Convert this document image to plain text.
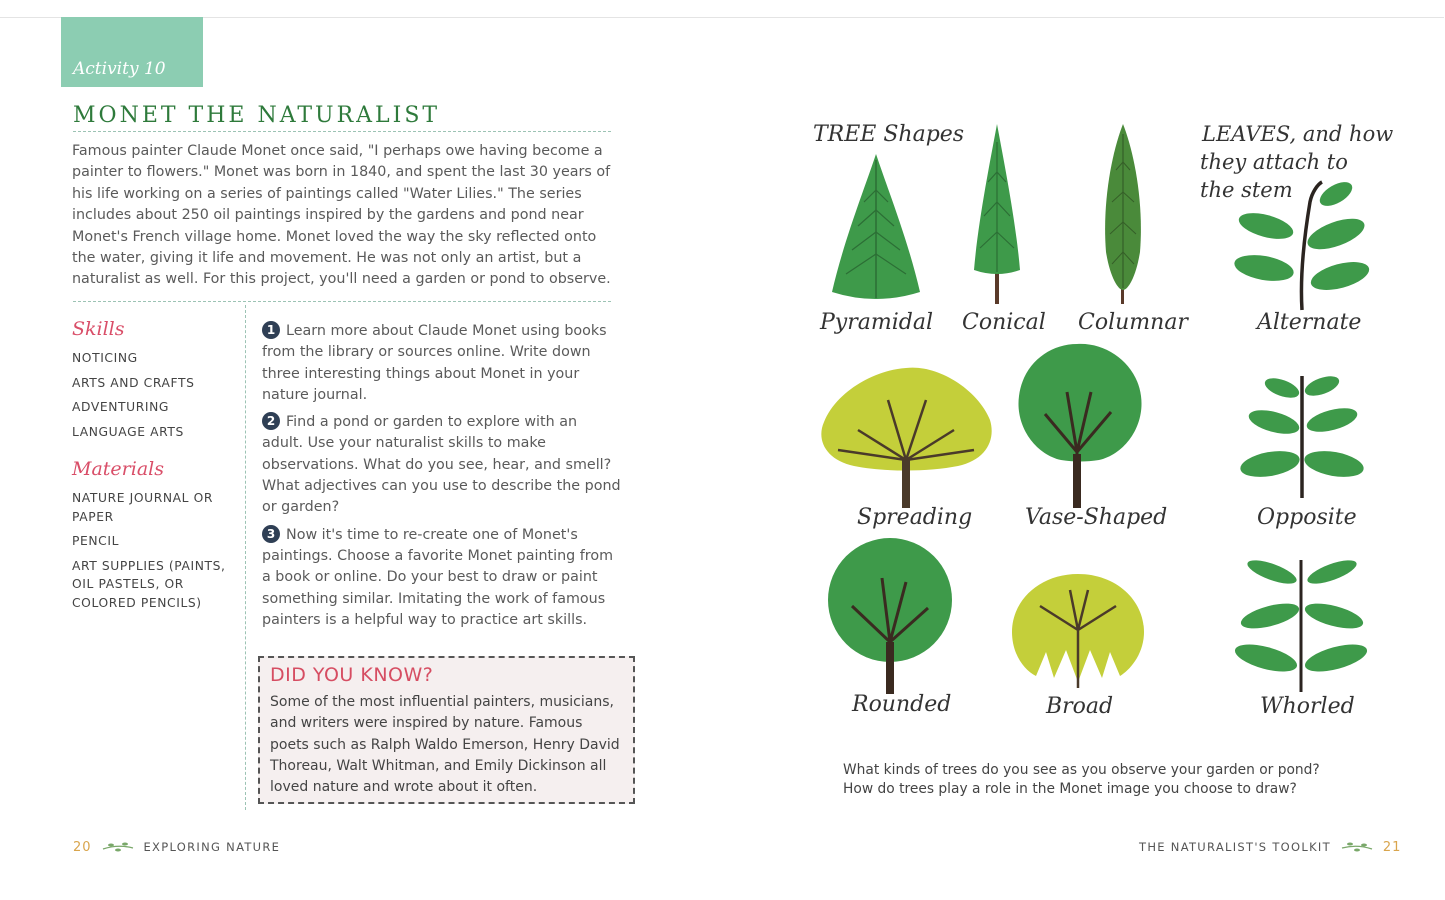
Activity 10
MONET THE NATURALIST
Famous painter Claude Monet once said, "I perhaps owe having become a painter to flowers." Monet was born in 1840, and spent the last 30 years of his life working on a series of paintings called "Water Lilies." The series includes about 250 oil paintings inspired by the gardens and pond near Monet's French village home. Monet loved the way the sky reflected onto the water, giving it life and movement. He was not only an artist, but a naturalist as well. For this project, you'll need a garden or pond to observe.
Skills
NOTICING
ARTS AND CRAFTS
ADVENTURING
LANGUAGE ARTS
Materials
NATURE JOURNAL OR PAPER
PENCIL
ART SUPPLIES (PAINTS, OIL PASTELS, OR COLORED PENCILS)

1 Learn more about Claude Monet using books from the library or sources online. Write down three interesting things about Monet in your nature journal.

2 Find a pond or garden to explore with an adult. Use your naturalist skills to make observations. What do you see, hear, and smell? What adjectives can you use to describe the pond or garden?

3 Now it's time to re-create one of Monet's paintings. Choose a favorite Monet painting from a book or online. Do your best to draw or paint something similar. Imitating the work of famous painters is a helpful way to practice art skills.

DID YOU KNOW?
Some of the most influential painters, musicians, and writers were inspired by nature. Famous poets such as Ralph Waldo Emerson, Henry David Thoreau, Walt Whitman, and Emily Dickinson all loved nature and wrote about it often.
20	EXPLORING NATURE
TREE Shapes	LEAVES, and how
they attach to
the stem
Pyramidal Conical Columnar	Alternate
Spreading Vase-Shaped	Opposite
Rounded	Broad	Whorled
What kinds of trees do you see as you observe your garden or pond?
How do trees play a role in the Monet image you choose to draw?
THE NATURALIST'S TOOLKIT	21
